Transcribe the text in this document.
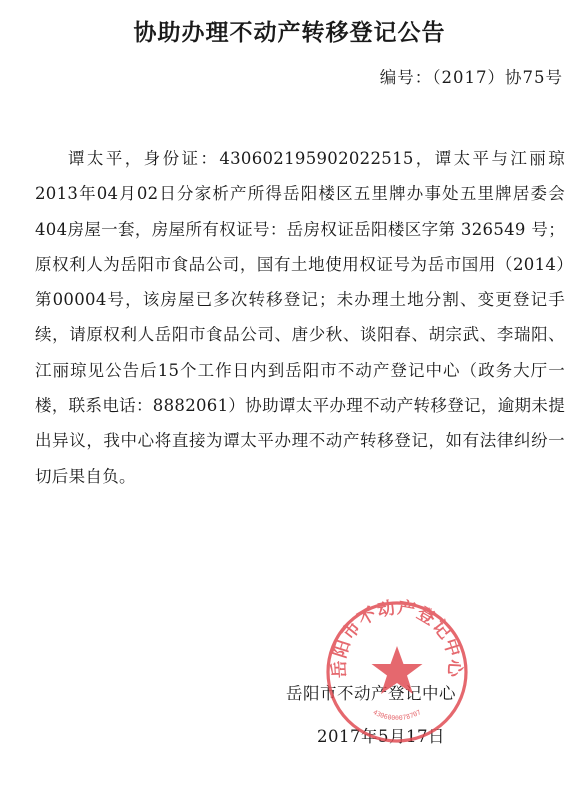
协助办理不动产转移登记公告
编号：（2017）协75号

谭太平，身份证：430602195902022515，谭太平与江丽琼2013年04月02日分家析产所得岳阳楼区五里牌办事处五里牌居委会404房屋一套，房屋所有权证号：岳房权证岳阳楼区字第 326549 号；原权利人为岳阳市食品公司，国有土地使用权证号为岳市国用（2014）第00004号，该房屋已多次转移登记；未办理土地分割、变更登记手续，请原权利人岳阳市食品公司、唐少秋、谈阳春、胡宗武、李瑞阳、江丽琼见公告后15个工作日内到岳阳市不动产登记中心（政务大厅一楼，联系电话：8882061）协助谭太平办理不动产转移登记，逾期未提出异议，我中心将直接为谭太平办理不动产转移登记，如有法律纠纷一切后果自负。

岳阳市不动产登记中心
2017年5月17日
岳阳市不动产登记中心
4306000078707
